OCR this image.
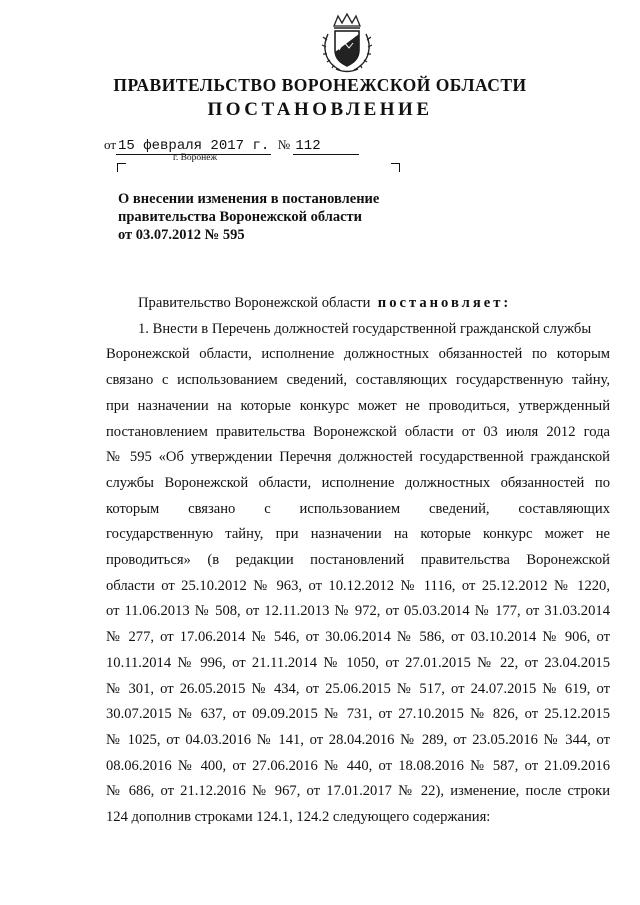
ПРАВИТЕЛЬСТВО ВОРОНЕЖСКОЙ ОБЛАСТИ
ПОСТАНОВЛЕНИЕ
от 15 февраля 2017 г. № 112
г. Воронеж
О внесении изменения в постановление
правительства Воронежской области
от 03.07.2012 № 595

Правительство Воронежской области постановляет:

1. Внести в Перечень должностей государственной гражданской службы

Воронежской области, исполнение должностных обязанностей по которым

связано с использованием сведений, составляющих государственную тайну,

при назначении на которые конкурс может не проводиться, утвержденный

постановлением правительства Воронежской области от 03 июля 2012 года

№ 595 «Об утверждении Перечня должностей государственной гражданской

службы Воронежской области, исполнение должностных обязанностей по

которым связано с использованием сведений, составляющих

государственную тайну, при назначении на которые конкурс может не

проводиться» (в редакции постановлений правительства Воронежской

области от 25.10.2012 № 963, от 10.12.2012 № 1116, от 25.12.2012 № 1220,

от 11.06.2013 № 508, от 12.11.2013 № 972, от 05.03.2014 № 177, от 31.03.2014

№ 277, от 17.06.2014 № 546, от 30.06.2014 № 586, от 03.10.2014 № 906, от

10.11.2014 № 996, от 21.11.2014 № 1050, от 27.01.2015 № 22, от 23.04.2015

№ 301, от 26.05.2015 № 434, от 25.06.2015 № 517, от 24.07.2015 № 619, от

30.07.2015 № 637, от 09.09.2015 № 731, от 27.10.2015 № 826, от 25.12.2015

№ 1025, от 04.03.2016 № 141, от 28.04.2016 № 289, от 23.05.2016 № 344, от

08.06.2016 № 400, от 27.06.2016 № 440, от 18.08.2016 № 587, от 21.09.2016

№ 686, от 21.12.2016 № 967, от 17.01.2017 № 22), изменение, после строки

124 дополнив строками 124.1, 124.2 следующего содержания:
